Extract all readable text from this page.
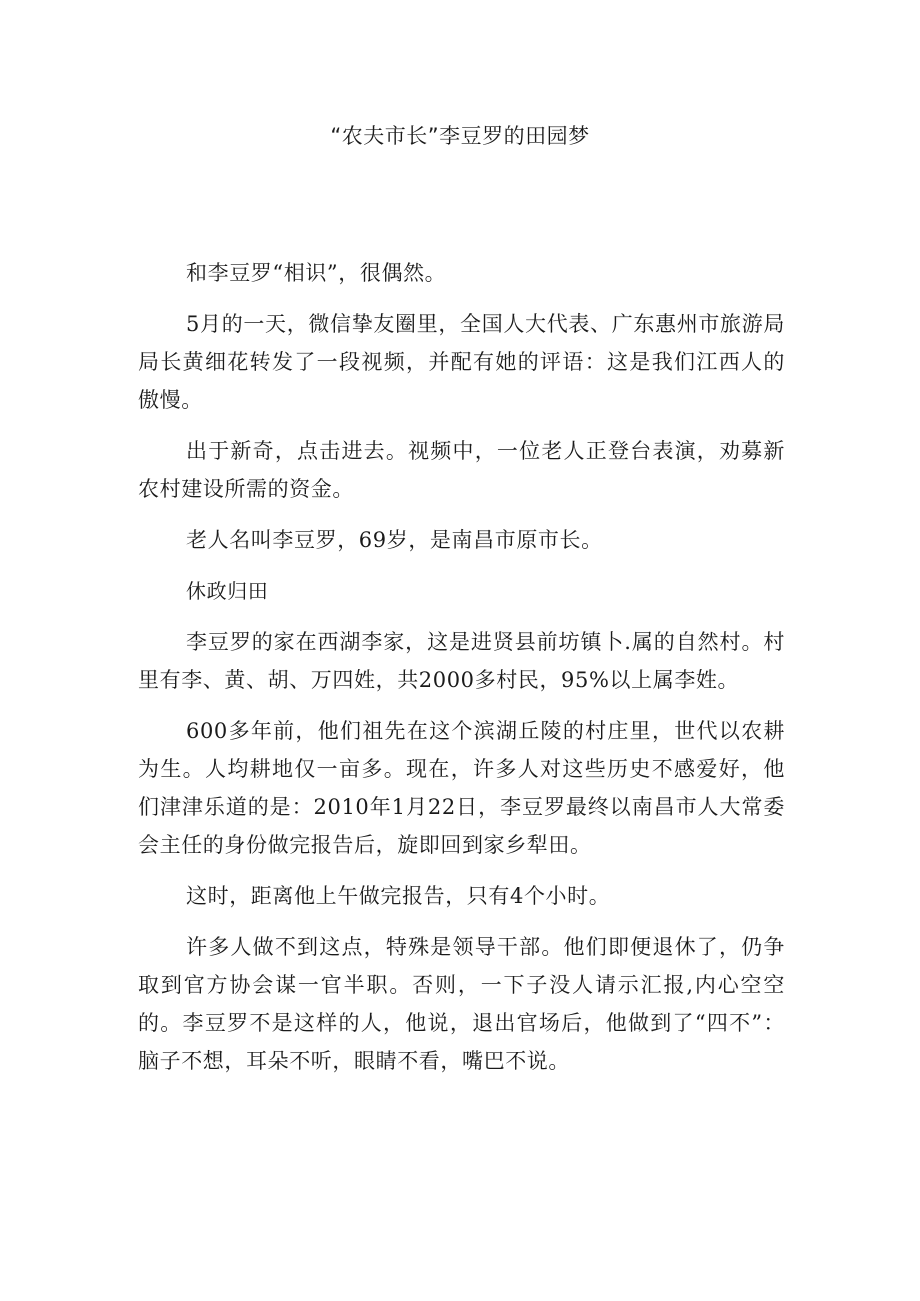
“农夫市长”李豆罗的田园梦

和李豆罗“相识”，很偶然。

5月的一天，微信挚友圈里，全国人大代表、广东惠州市旅游局局长黄细花转发了一段视频，并配有她的评语：这是我们江西人的傲慢。

出于新奇，点击进去。视频中，一位老人正登台表演，劝募新农村建设所需的资金。

老人名叫李豆罗，69岁，是南昌市原市长。

休政归田

李豆罗的家在西湖李家，这是进贤县前坊镇卜.属的自然村。村里有李、黄、胡、万四姓，共2000多村民，95%以上属李姓。

600多年前，他们祖先在这个滨湖丘陵的村庄里，世代以农耕为生。人均耕地仅一亩多。现在，许多人对这些历史不感爱好，他们津津乐道的是：2010年1月22日，李豆罗最终以南昌市人大常委会主任的身份做完报告后，旋即回到家乡犁田。

这时，距离他上午做完报告，只有4个小时。

许多人做不到这点，特殊是领导干部。他们即便退休了，仍争取到官方协会谋一官半职。否则，一下子没人请示汇报,内心空空的。李豆罗不是这样的人，他说，退出官场后，他做到了“四不”：脑子不想，耳朵不听，眼睛不看，嘴巴不说。
